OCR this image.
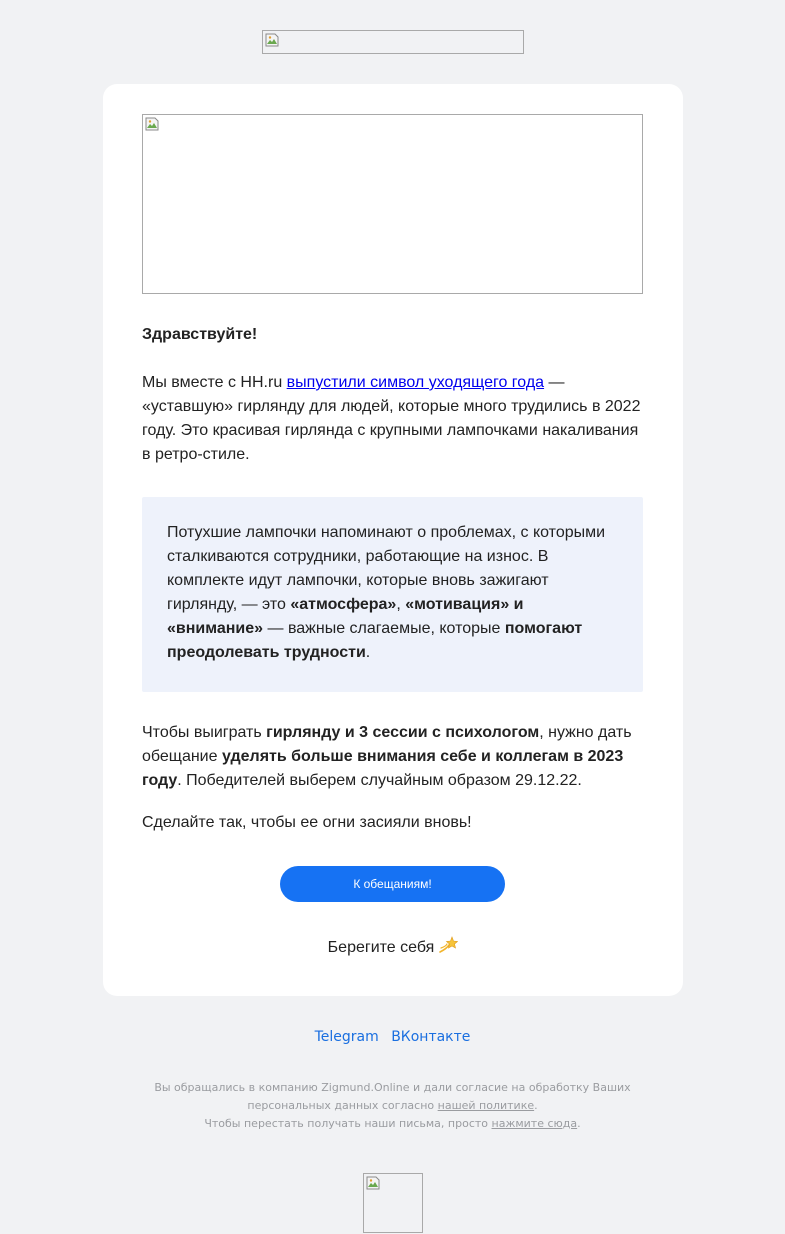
Здравствуйте!
Мы вместе с HH.ru выпустили символ уходящего года — «уставшую» гирлянду для людей, которые много трудились в 2022 году. Это красивая гирлянда с крупными лампочками накаливания в ретро-стиле.
Потухшие лампочки напоминают о проблемах, с которыми сталкиваются сотрудники, работающие на износ. В комплекте идут лампочки, которые вновь зажигают гирлянду, — это «атмосфера», «мотивация» и «внимание» — важные слагаемые, которые помогают преодолевать трудности.
Чтобы выиграть гирлянду и 3 сессии с психологом, нужно дать обещание уделять больше внимания себе и коллегам в 2023 году. Победителей выберем случайным образом 29.12.22.
Сделайте так, чтобы ее огни засияли вновь!
К обещаниям!
Берегите себя
Telegram ВКонтакте
Вы обращались в компанию Zigmund.Online и дали согласие на обработку Ваших персональных данных согласно нашей политике.
Чтобы перестать получать наши письма, просто нажмите сюда.
